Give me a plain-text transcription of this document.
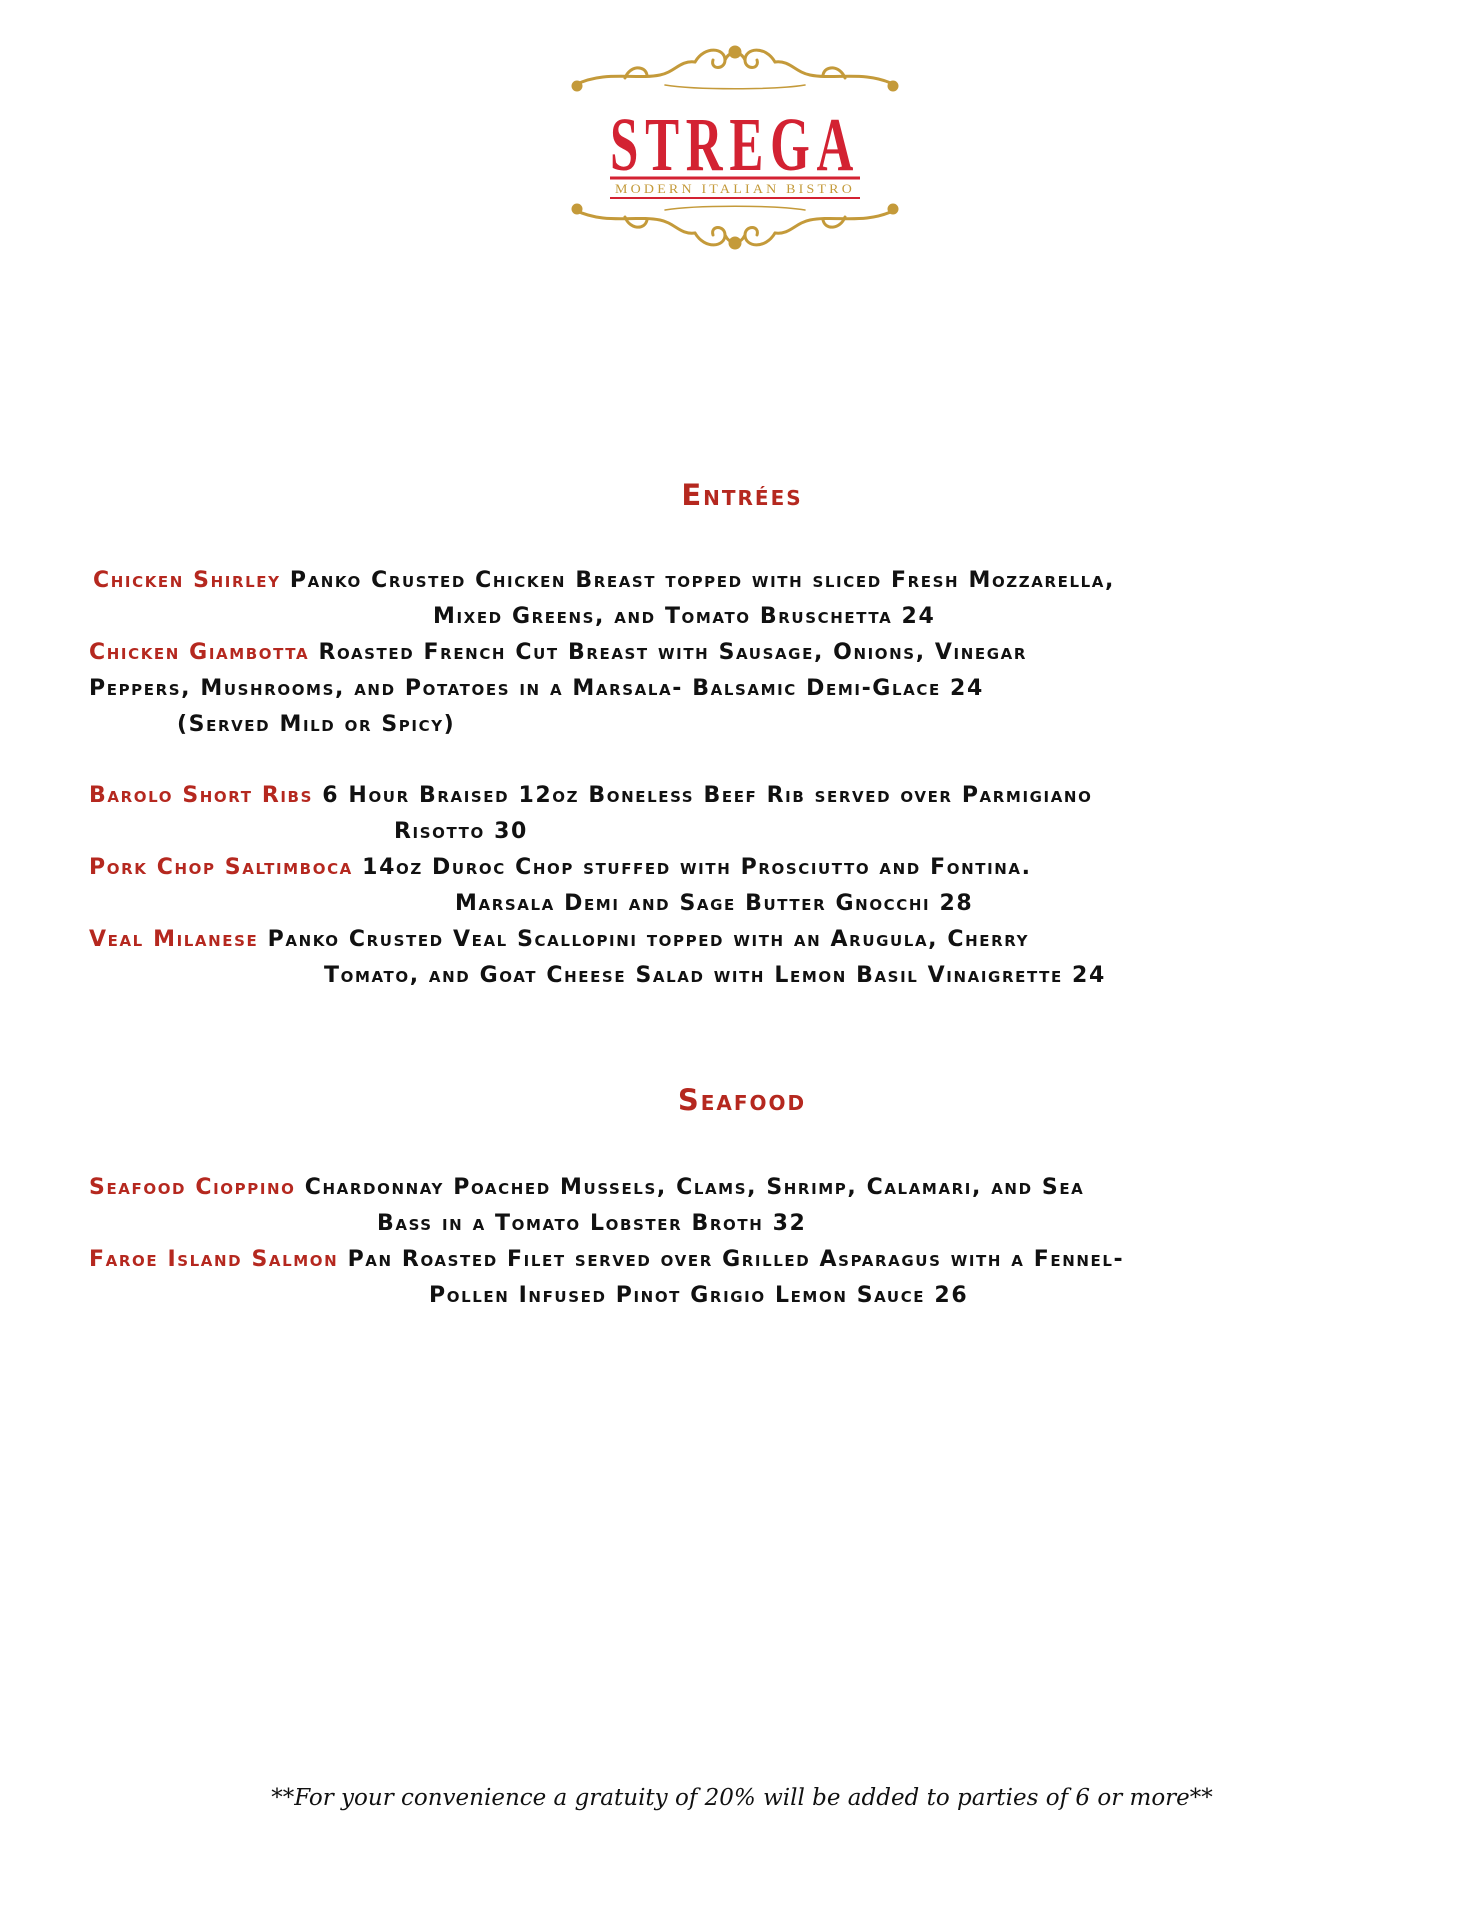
STREGA
MODERN ITALIAN BISTRO
Entrées
Chicken Shirley Panko Crusted Chicken Breast topped with sliced Fresh Mozzarella,
Mixed Greens, and Tomato Bruschetta 24
Chicken Giambotta Roasted French Cut Breast with Sausage, Onions, Vinegar
Peppers, Mushrooms, and Potatoes in a Marsala- Balsamic Demi-Glace 24
(Served Mild or Spicy)
Barolo Short Ribs 6 Hour Braised 12oz Boneless Beef Rib served over Parmigiano
Risotto 30
Pork Chop Saltimboca 14oz Duroc Chop stuffed with Prosciutto and Fontina.
Marsala Demi and Sage Butter Gnocchi 28
Veal Milanese Panko Crusted Veal Scallopini topped with an Arugula, Cherry
Tomato, and Goat Cheese Salad with Lemon Basil Vinaigrette 24
Seafood
Seafood Cioppino Chardonnay Poached Mussels, Clams, Shrimp, Calamari, and Sea
Bass in a Tomato Lobster Broth 32
Faroe Island Salmon Pan Roasted Filet served over Grilled Asparagus with a Fennel-
Pollen Infused Pinot Grigio Lemon Sauce 26
**For your convenience a gratuity of 20% will be added to parties of 6 or more**
